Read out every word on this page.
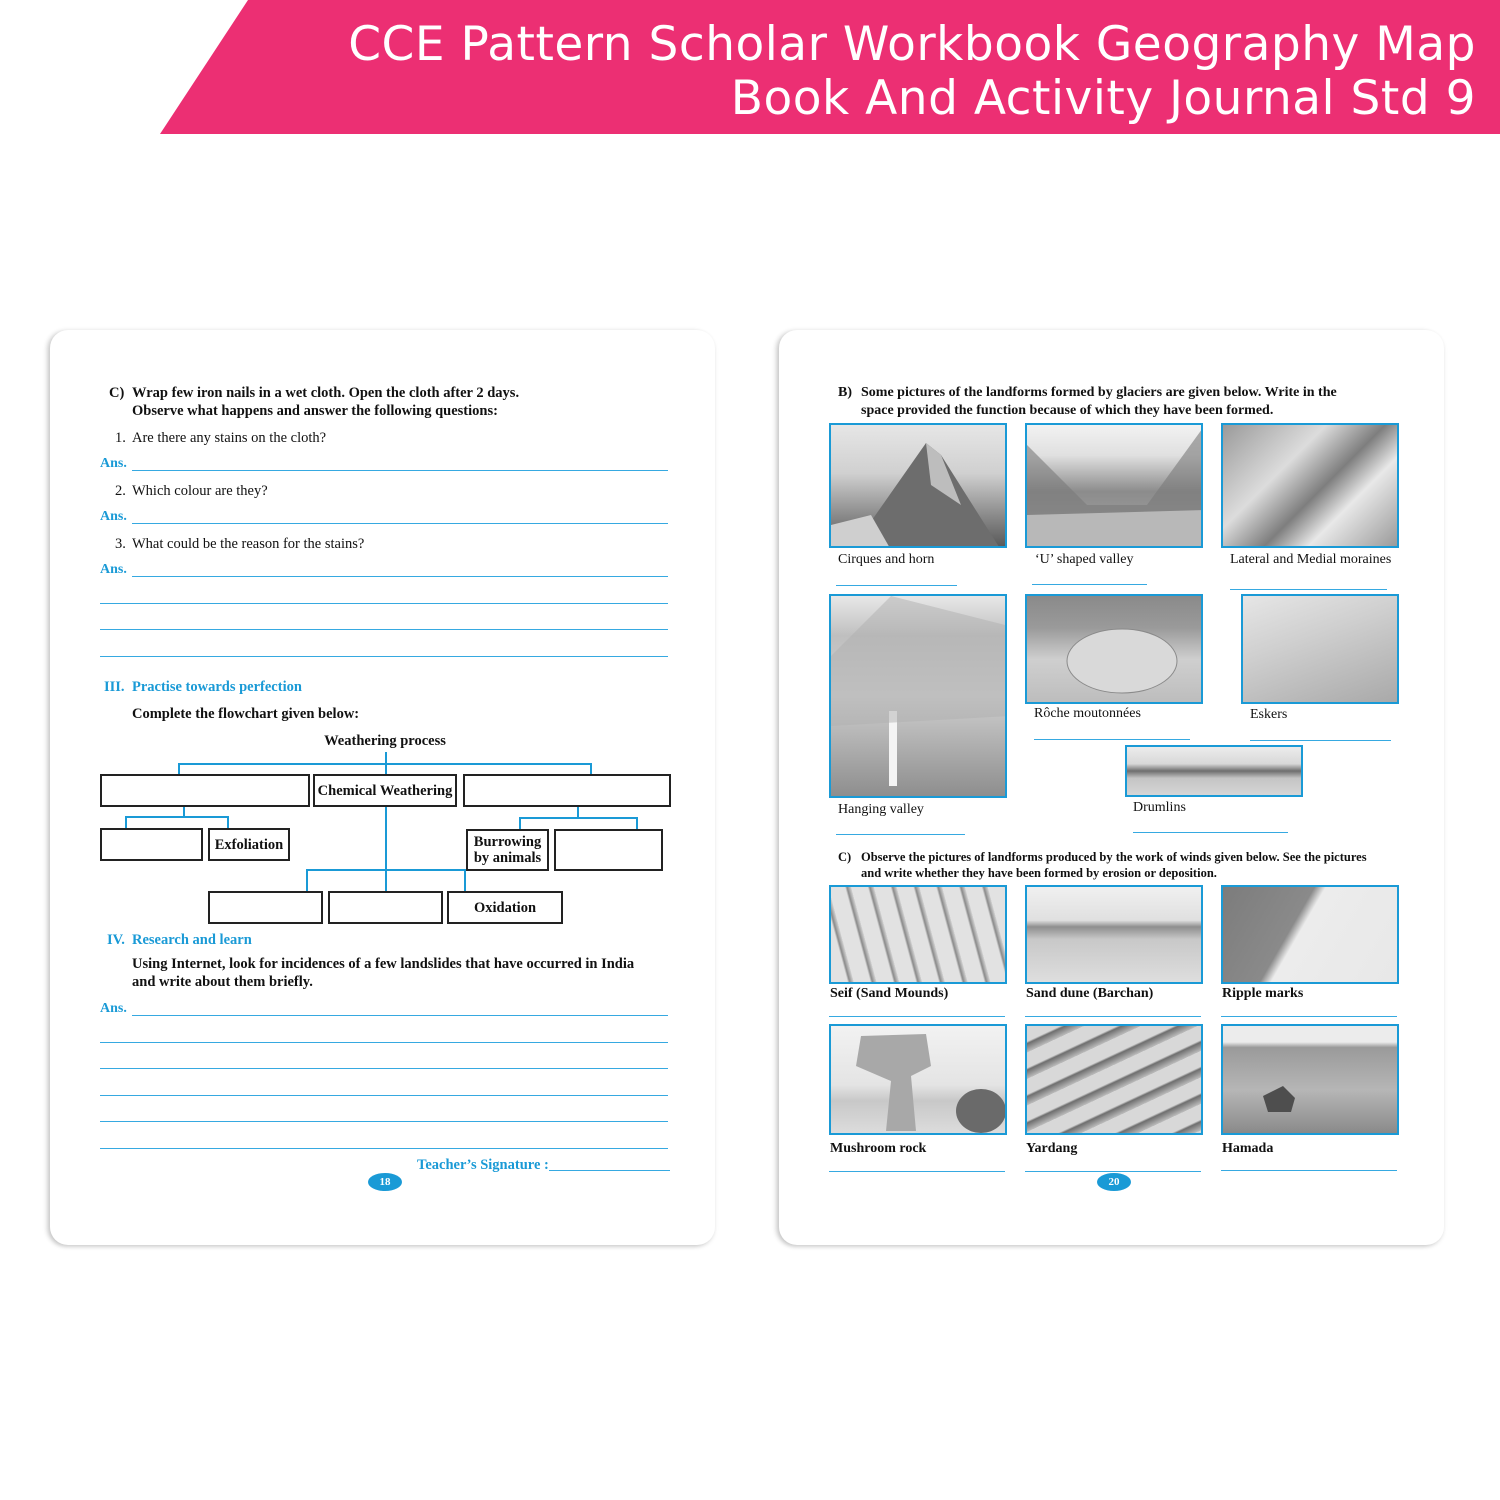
CCE Pattern Scholar Workbook Geography Map
Book And Activity Journal Std 9
C) Wrap few iron nails in a wet cloth. Open the cloth after 2 days.
Observe what happens and answer the following questions:
1. Are there any stains on the cloth?
Ans.
2. Which colour are they?
Ans.
3. What could be the reason for the stains?
Ans.
III. Practise towards perfection
Complete the flowchart given below:
Weathering process
Chemical Weathering
Exfoliation	Burrowing by animals
Oxidation
IV. Research and learn
Using Internet, look for incidences of a few landslides that have occurred in India
and write about them briefly.
Ans.
Teacher’s Signature :
18
B) Some pictures of the landforms formed by glaciers are given below. Write in the
space provided the function because of which they have been formed.
Cirques and horn	‘U’ shaped valley	Lateral and Medial moraines
Rôche moutonnées	Eskers
Hanging valley	Drumlins
C) Observe the pictures of landforms produced by the work of winds given below. See the pictures
and write whether they have been formed by erosion or deposition.
Seif (Sand Mounds)	Sand dune (Barchan)	Ripple marks
Mushroom rock	Yardang	Hamada
20
